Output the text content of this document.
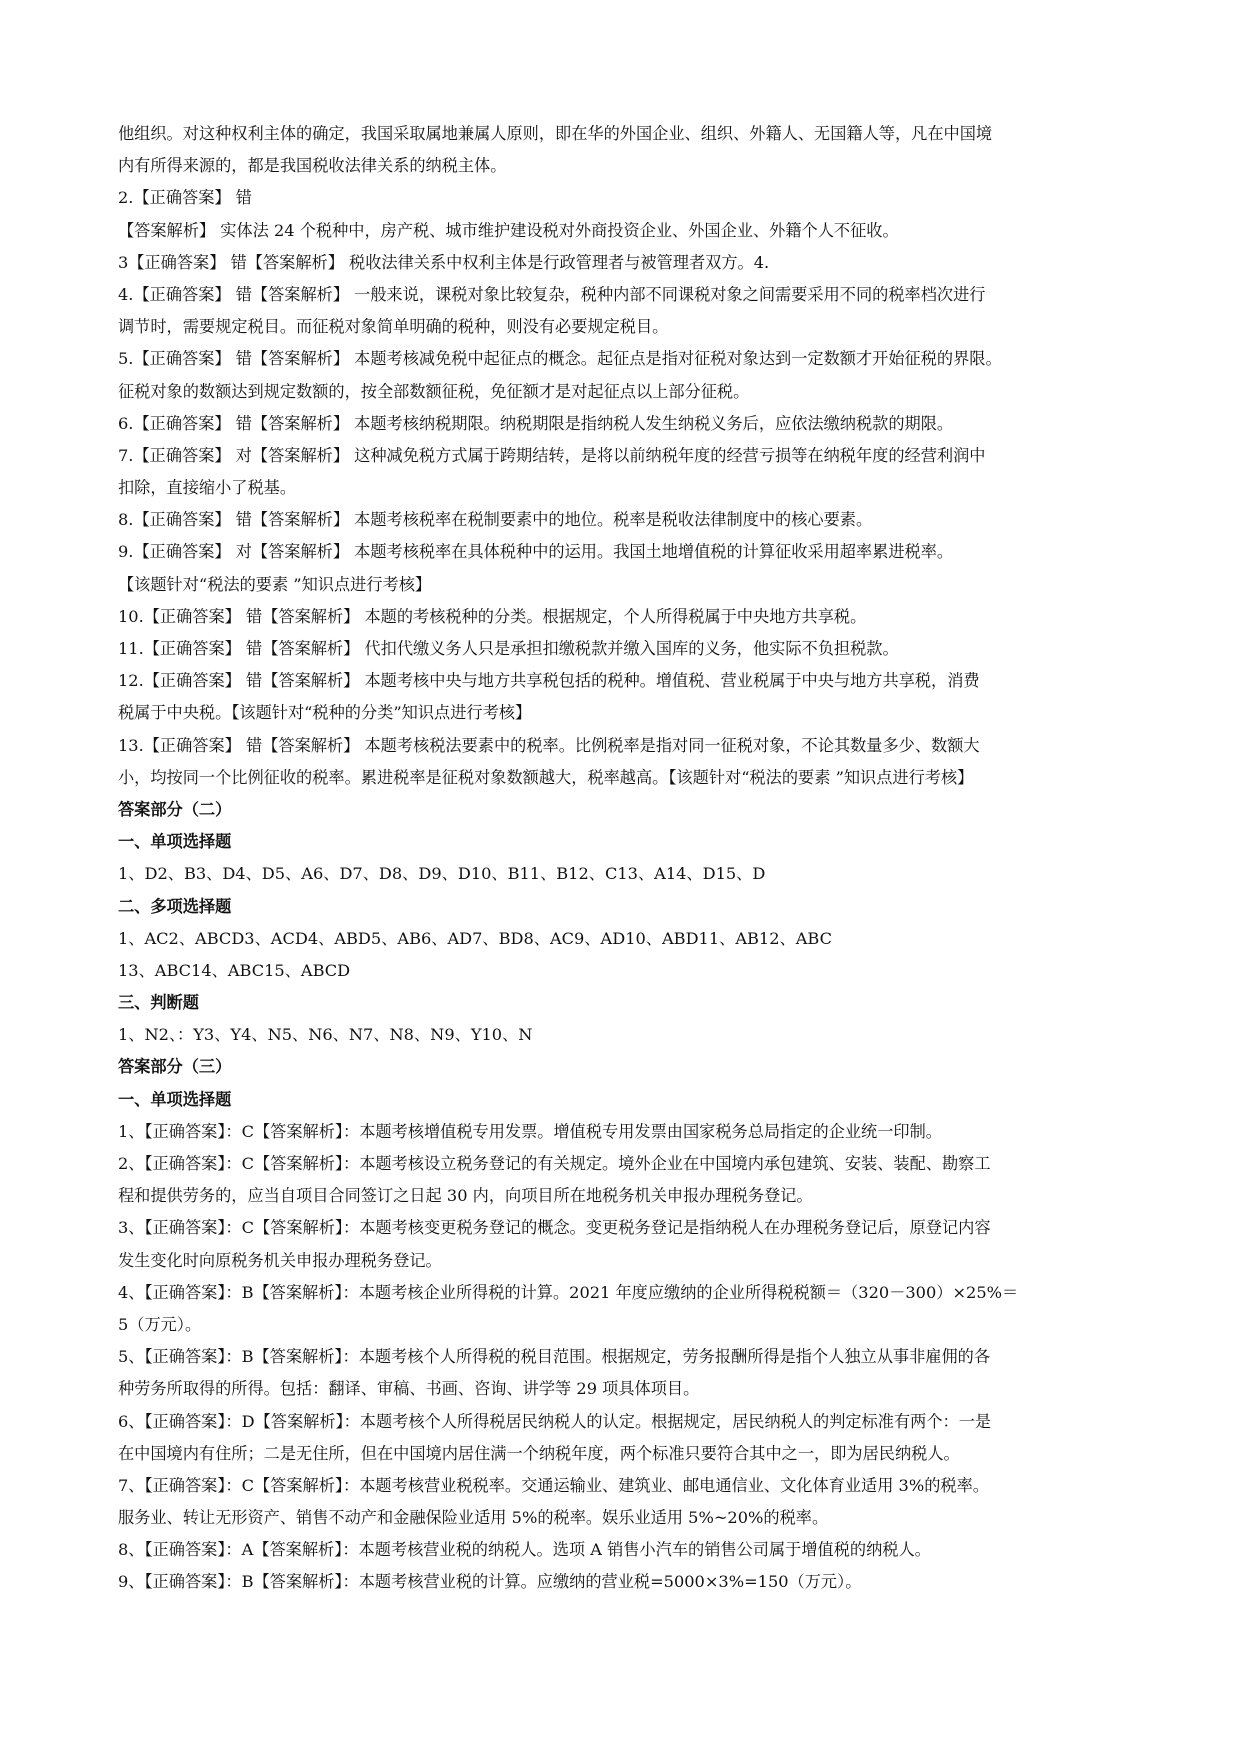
他组织。对这种权利主体的确定，我国采取属地兼属人原则，即在华的外国企业、组织、外籍人、无国籍人等，凡在中国境

内有所得来源的，都是我国税收法律关系的纳税主体。

2.【正确答案】 错

【答案解析】 实体法 24 个税种中，房产税、城市维护建设税对外商投资企业、外国企业、外籍个人不征收。

3【正确答案】 错【答案解析】 税收法律关系中权利主体是行政管理者与被管理者双方。4.

4.【正确答案】 错【答案解析】 一般来说，课税对象比较复杂，税种内部不同课税对象之间需要采用不同的税率档次进行

调节时，需要规定税目。而征税对象简单明确的税种，则没有必要规定税目。

5.【正确答案】 错【答案解析】 本题考核减免税中起征点的概念。起征点是指对征税对象达到一定数额才开始征税的界限。

征税对象的数额达到规定数额的，按全部数额征税，免征额才是对起征点以上部分征税。

6.【正确答案】 错【答案解析】 本题考核纳税期限。纳税期限是指纳税人发生纳税义务后，应依法缴纳税款的期限。

7.【正确答案】 对【答案解析】 这种减免税方式属于跨期结转，是将以前纳税年度的经营亏损等在纳税年度的经营利润中

扣除，直接缩小了税基。

8.【正确答案】 错【答案解析】 本题考核税率在税制要素中的地位。税率是税收法律制度中的核心要素。

9.【正确答案】 对【答案解析】 本题考核税率在具体税种中的运用。我国土地增值税的计算征收采用超率累进税率。

【该题针对“税法的要素 ”知识点进行考核】

10.【正确答案】 错【答案解析】 本题的考核税种的分类。根据规定，个人所得税属于中央地方共享税。

11.【正确答案】 错【答案解析】 代扣代缴义务人只是承担扣缴税款并缴入国库的义务，他实际不负担税款。

12.【正确答案】 错【答案解析】 本题考核中央与地方共享税包括的税种。增值税、营业税属于中央与地方共享税，消费

税属于中央税。【该题针对“税种的分类”知识点进行考核】

13.【正确答案】 错【答案解析】 本题考核税法要素中的税率。比例税率是指对同一征税对象，不论其数量多少、数额大

小，均按同一个比例征收的税率。累进税率是征税对象数额越大，税率越高。【该题针对“税法的要素 ”知识点进行考核】

答案部分（二）

一、单项选择题

1、D2、B3、D4、D5、A6、D7、D8、D9、D10、B11、B12、C13、A14、D15、D

二、多项选择题

1、AC2、ABCD3、ACD4、ABD5、AB6、AD7、BD8、AC9、AD10、ABD11、AB12、ABC

13、ABC14、ABC15、ABCD

三、判断题

1、N2、：Y3、Y4、N5、N6、N7、N8、N9、Y10、N

答案部分（三）

一、单项选择题

1、【正确答案】：C【答案解析】：本题考核增值税专用发票。增值税专用发票由国家税务总局指定的企业统一印制。

2、【正确答案】：C【答案解析】：本题考核设立税务登记的有关规定。境外企业在中国境内承包建筑、安装、装配、勘察工

程和提供劳务的，应当自项目合同签订之日起 30 内，向项目所在地税务机关申报办理税务登记。

3、【正确答案】：C【答案解析】：本题考核变更税务登记的概念。变更税务登记是指纳税人在办理税务登记后，原登记内容

发生变化时向原税务机关申报办理税务登记。

4、【正确答案】：B【答案解析】：本题考核企业所得税的计算。2021 年度应缴纳的企业所得税税额＝（320－300）×25%＝

5（万元）。

5、【正确答案】：B【答案解析】：本题考核个人所得税的税目范围。根据规定，劳务报酬所得是指个人独立从事非雇佣的各

种劳务所取得的所得。包括：翻译、审稿、书画、咨询、讲学等 29 项具体项目。

6、【正确答案】：D【答案解析】：本题考核个人所得税居民纳税人的认定。根据规定，居民纳税人的判定标准有两个：一是

在中国境内有住所；二是无住所，但在中国境内居住满一个纳税年度，两个标准只要符合其中之一，即为居民纳税人。

7、【正确答案】：C【答案解析】：本题考核营业税税率。交通运输业、建筑业、邮电通信业、文化体育业适用 3%的税率。

服务业、转让无形资产、销售不动产和金融保险业适用 5%的税率。娱乐业适用 5%~20%的税率。

8、【正确答案】：A【答案解析】：本题考核营业税的纳税人。选项 A 销售小汽车的销售公司属于增值税的纳税人。

9、【正确答案】：B【答案解析】：本题考核营业税的计算。应缴纳的营业税=5000×3%=150（万元）。
